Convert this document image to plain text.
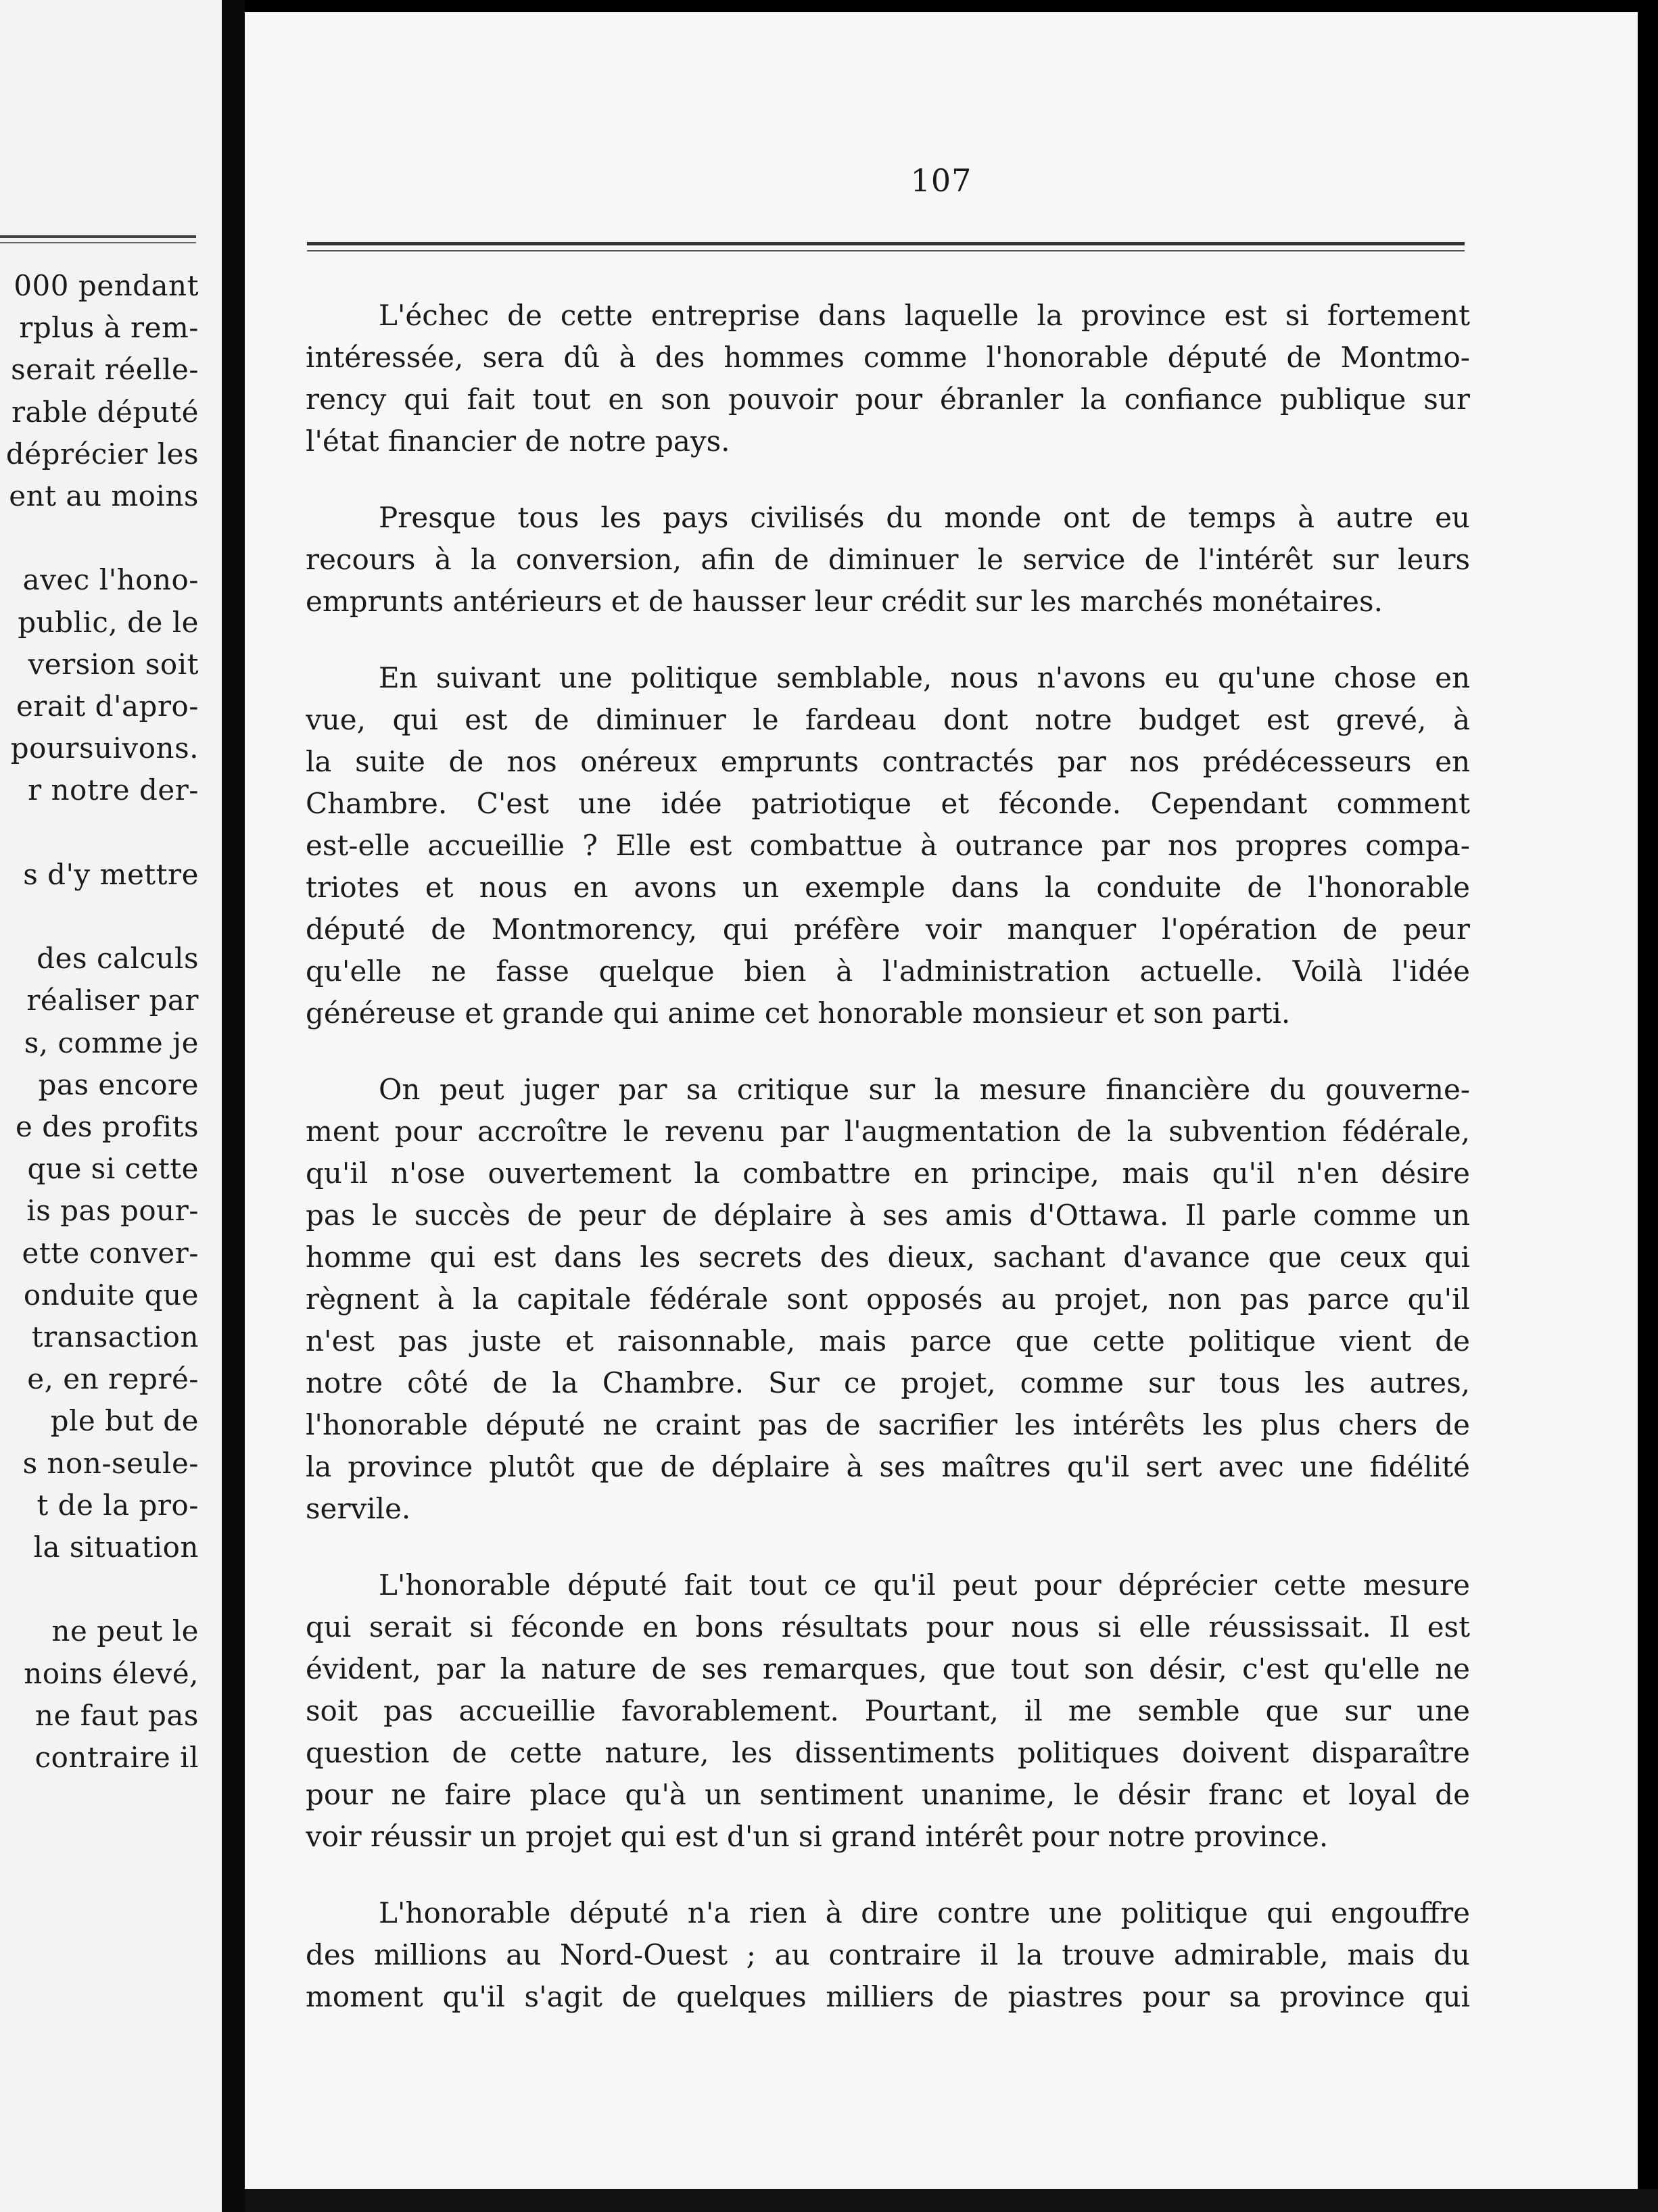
000 pendant
rplus à rem-
serait réelle-
rable député
déprécier les
ent au moins
avec l'hono-
public, de le
version soit
erait d'apro-
poursuivons.
r notre der-
s d'y mettre
des calculs
réaliser par
s, comme je
pas encore
e des profits
que si cette
is pas pour-
ette conver-
onduite que
transaction
e, en repré-
ple but de
s non-seule-
t de la pro-
la situation
ne peut le
noins élevé,
ne faut pas
contraire il
107
L'échec de cette entreprise dans laquelle la province est si fortement
intéressée, sera dû à des hommes comme l'honorable député de Montmo-
rency qui fait tout en son pouvoir pour ébranler la confiance publique sur
l'état financier de notre pays.
Presque tous les pays civilisés du monde ont de temps à autre eu
recours à la conversion, afin de diminuer le service de l'intérêt sur leurs
emprunts antérieurs et de hausser leur crédit sur les marchés monétaires.
En suivant une politique semblable, nous n'avons eu qu'une chose en
vue, qui est de diminuer le fardeau dont notre budget est grevé, à
la suite de nos onéreux emprunts contractés par nos prédécesseurs en
Chambre. C'est une idée patriotique et féconde. Cependant comment
est-elle accueillie ? Elle est combattue à outrance par nos propres compa-
triotes et nous en avons un exemple dans la conduite de l'honorable
député de Montmorency, qui préfère voir manquer l'opération de peur
qu'elle ne fasse quelque bien à l'administration actuelle. Voilà l'idée
généreuse et grande qui anime cet honorable monsieur et son parti.
On peut juger par sa critique sur la mesure financière du gouverne-
ment pour accroître le revenu par l'augmentation de la subvention fédérale,
qu'il n'ose ouvertement la combattre en principe, mais qu'il n'en désire
pas le succès de peur de déplaire à ses amis d'Ottawa. Il parle comme un
homme qui est dans les secrets des dieux, sachant d'avance que ceux qui
règnent à la capitale fédérale sont opposés au projet, non pas parce qu'il
n'est pas juste et raisonnable, mais parce que cette politique vient de
notre côté de la Chambre. Sur ce projet, comme sur tous les autres,
l'honorable député ne craint pas de sacrifier les intérêts les plus chers de
la province plutôt que de déplaire à ses maîtres qu'il sert avec une fidélité
servile.
L'honorable député fait tout ce qu'il peut pour déprécier cette mesure
qui serait si féconde en bons résultats pour nous si elle réussissait. Il est
évident, par la nature de ses remarques, que tout son désir, c'est qu'elle ne
soit pas accueillie favorablement. Pourtant, il me semble que sur une
question de cette nature, les dissentiments politiques doivent disparaître
pour ne faire place qu'à un sentiment unanime, le désir franc et loyal de
voir réussir un projet qui est d'un si grand intérêt pour notre province.
L'honorable député n'a rien à dire contre une politique qui engouffre
des millions au Nord-Ouest ; au contraire il la trouve admirable, mais du
moment qu'il s'agit de quelques milliers de piastres pour sa province qui
